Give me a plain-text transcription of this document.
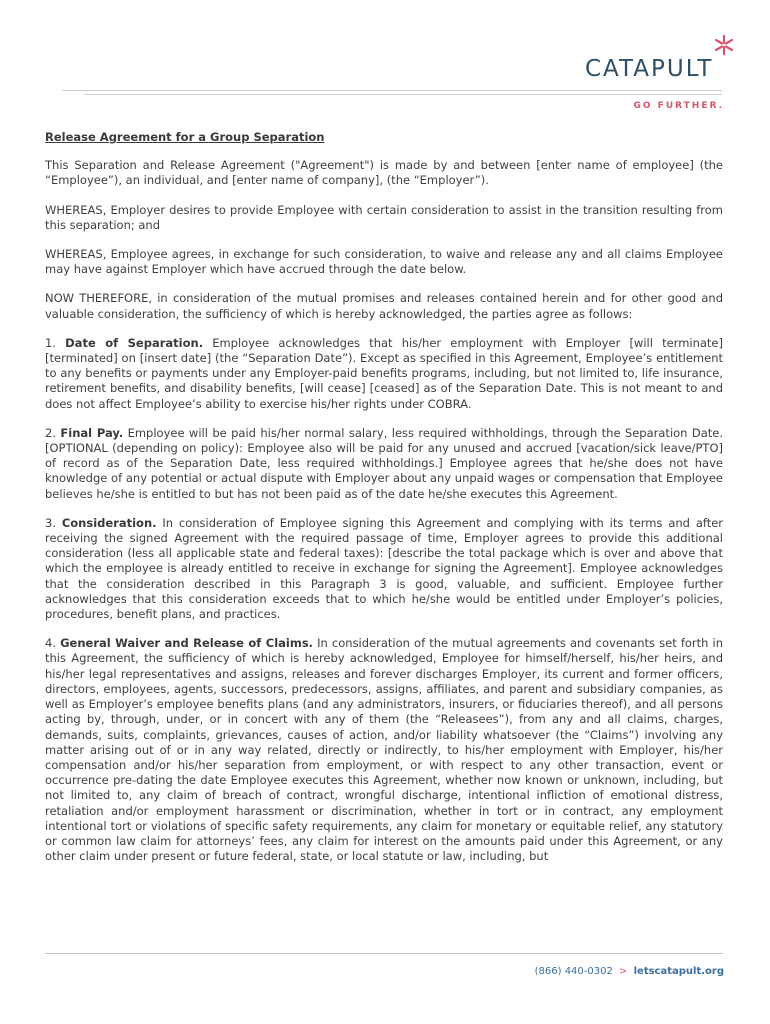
CATAPULT
GO FURTHER.
Release Agreement for a Group Separation

This Separation and Release Agreement ("Agreement") is made by and between [enter name of employee] (the “Employee”), an individual, and [enter name of company], (the “Employer”).

WHEREAS, Employer desires to provide Employee with certain consideration to assist in the transition resulting from this separation; and

WHEREAS, Employee agrees, in exchange for such consideration, to waive and release any and all claims Employee may have against Employer which have accrued through the date below.

NOW THEREFORE, in consideration of the mutual promises and releases contained herein and for other good and valuable consideration, the sufficiency of which is hereby acknowledged, the parties agree as follows:

1. Date of Separation. Employee acknowledges that his/her employment with Employer [will terminate] [terminated] on [insert date] (the “Separation Date”). Except as specified in this Agreement, Employee’s entitlement to any benefits or payments under any Employer-paid benefits programs, including, but not limited to, life insurance, retirement benefits, and disability benefits, [will cease] [ceased] as of the Separation Date. This is not meant to and does not affect Employee’s ability to exercise his/her rights under COBRA.

2. Final Pay. Employee will be paid his/her normal salary, less required withholdings, through the Separation Date. [OPTIONAL (depending on policy): Employee also will be paid for any unused and accrued [vacation/sick leave/PTO] of record as of the Separation Date, less required withholdings.] Employee agrees that he/she does not have knowledge of any potential or actual dispute with Employer about any unpaid wages or compensation that Employee believes he/she is entitled to but has not been paid as of the date he/she executes this Agreement.

3. Consideration. In consideration of Employee signing this Agreement and complying with its terms and after receiving the signed Agreement with the required passage of time, Employer agrees to provide this additional consideration (less all applicable state and federal taxes): [describe the total package which is over and above that which the employee is already entitled to receive in exchange for signing the Agreement]. Employee acknowledges that the consideration described in this Paragraph 3 is good, valuable, and sufficient. Employee further acknowledges that this consideration exceeds that to which he/she would be entitled under Employer’s policies, procedures, benefit plans, and practices.

4. General Waiver and Release of Claims. In consideration of the mutual agreements and covenants set forth in this Agreement, the sufficiency of which is hereby acknowledged, Employee for himself/herself, his/her heirs, and his/her legal representatives and assigns, releases and forever discharges Employer, its current and former officers, directors, employees, agents, successors, predecessors, assigns, affiliates, and parent and subsidiary companies, as well as Employer’s employee benefits plans (and any administrators, insurers, or fiduciaries thereof), and all persons acting by, through, under, or in concert with any of them (the “Releasees”), from any and all claims, charges, demands, suits, complaints, grievances, causes of action, and/or liability whatsoever (the “Claims”) involving any matter arising out of or in any way related, directly or indirectly, to his/her employment with Employer, his/her compensation and/or his/her separation from employment, or with respect to any other transaction, event or occurrence pre-dating the date Employee executes this Agreement, whether now known or unknown, including, but not limited to, any claim of breach of contract, wrongful discharge, intentional infliction of emotional distress, retaliation and/or employment harassment or discrimination, whether in tort or in contract, any employment intentional tort or violations of specific safety requirements, any claim for monetary or equitable relief, any statutory or common law claim for attorneys’ fees, any claim for interest on the amounts paid under this Agreement, or any other claim under present or future federal, state, or local statute or law, including, but

(866) 440-0302 > letscatapult.org
